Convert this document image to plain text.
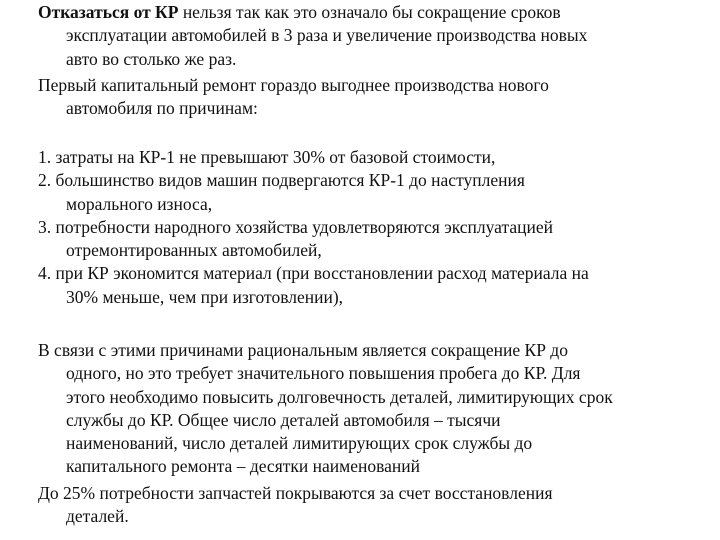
Отказаться от КР нельзя так как это означало бы сокращение сроков
эксплуатации автомобилей в 3 раза и увеличение производства новых
авто во столько же раз.
Первый капитальный ремонт гораздо выгоднее производства нового
автомобиля по причинам:
1. затраты на КР-1 не превышают 30% от базовой стоимости,
2. большинство видов машин подвергаются КР-1 до наступления
морального износа,
3. потребности народного хозяйства удовлетворяются эксплуатацией
отремонтированных автомобилей,
4. при КР экономится материал (при восстановлении расход материала на
30% меньше, чем при изготовлении),
В связи с этими причинами рациональным является сокращение КР до
одного, но это требует значительного повышения пробега до КР. Для
этого необходимо повысить долговечность деталей, лимитирующих срок
службы до КР. Общее число деталей автомобиля – тысячи
наименований, число деталей лимитирующих срок службы до
капитального ремонта – десятки наименований
До 25% потребности запчастей покрываются за счет восстановления
деталей.
